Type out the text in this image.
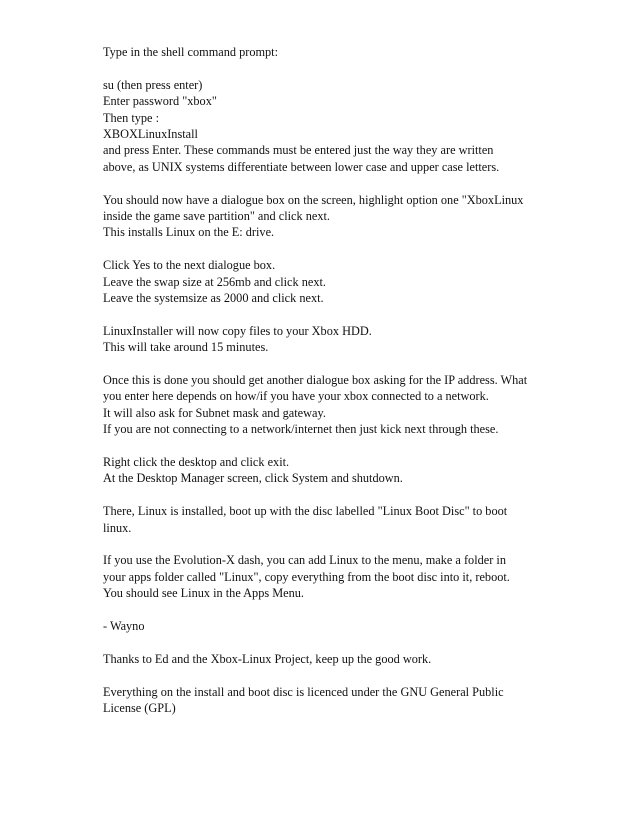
Type in the shell command prompt:

su (then press enter)
Enter password "xbox"
Then type :
XBOXLinuxInstall
and press Enter. These commands must be entered just the way they are written
above, as UNIX systems differentiate between lower case and upper case letters.

You should now have a dialogue box on the screen, highlight option one "XboxLinux
inside the game save partition" and click next.
This installs Linux on the E: drive.

Click Yes to the next dialogue box.
Leave the swap size at 256mb and click next.
Leave the systemsize as 2000 and click next.

LinuxInstaller will now copy files to your Xbox HDD.
This will take around 15 minutes.

Once this is done you should get another dialogue box asking for the IP address. What
you enter here depends on how/if you have your xbox connected to a network.
It will also ask for Subnet mask and gateway.
If you are not connecting to a network/internet then just kick next through these.

Right click the desktop and click exit.
At the Desktop Manager screen, click System and shutdown.

There, Linux is installed, boot up with the disc labelled "Linux Boot Disc" to boot
linux.

If you use the Evolution-X dash, you can add Linux to the menu, make a folder in
your apps folder called "Linux", copy everything from the boot disc into it, reboot.
You should see Linux in the Apps Menu.

- Wayno

Thanks to Ed and the Xbox-Linux Project, keep up the good work.

Everything on the install and boot disc is licenced under the GNU General Public
License (GPL)
